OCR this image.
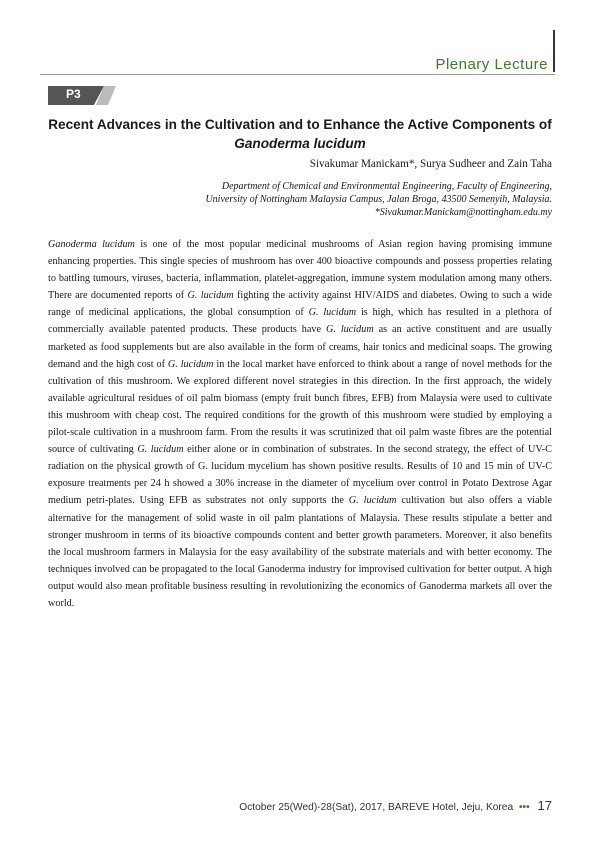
Plenary Lecture
P3
Recent Advances in the Cultivation and to Enhance the Active Components of
Ganoderma lucidum
Sivakumar Manickam*, Surya Sudheer and Zain Taha
Department of Chemical and Environmental Engineering, Faculty of Engineering,
University of Nottingham Malaysia Campus, Jalan Broga, 43500 Semenyih, Malaysia.
*Sivakumar.Manickam@nottingham.edu.my

Ganoderma lucidum is one of the most popular medicinal mushrooms of Asian region having promising immune enhancing properties. This single species of mushroom has over 400 bioactive compounds and possess properties relating to battling tumours, viruses, bacteria, inflammation, platelet-aggregation, immune system modulation among many others. There are documented reports of G. lucidum fighting the activity against HIV/AIDS and diabetes. Owing to such a wide range of medicinal applications, the global consumption of G. lucidum is high, which has resulted in a plethora of commercially available patented products. These products have G. lucidum as an active constituent and are usually marketed as food supplements but are also available in the form of creams, hair tonics and medicinal soaps. The growing demand and the high cost of G. lucidum in the local market have enforced to think about a range of novel methods for the cultivation of this mushroom. We explored different novel strategies in this direction. In the first approach, the widely available agricultural residues of oil palm biomass (empty fruit bunch fibres, EFB) from Malaysia were used to cultivate this mushroom with cheap cost. The required conditions for the growth of this mushroom were studied by employing a pilot-scale cultivation in a mushroom farm. From the results it was scrutinized that oil palm waste fibres are the potential source of cultivating G. lucidum either alone or in combination of substrates. In the second strategy, the effect of UV-C radiation on the physical growth of G. lucidum mycelium has shown positive results. Results of 10 and 15 min of UV-C exposure treatments per 24 h showed a 30% increase in the diameter of mycelium over control in Potato Dextrose Agar medium petri-plates. Using EFB as substrates not only supports the G. lucidum cultivation but also offers a viable alternative for the management of solid waste in oil palm plantations of Malaysia. These results stipulate a better and stronger mushroom in terms of its bioactive compounds content and better growth parameters. Moreover, it also benefits the local mushroom farmers in Malaysia for the easy availability of the substrate materials and with better economy. The techniques involved can be propagated to the local Ganoderma industry for improvised cultivation for better output. A high output would also mean profitable business resulting in revolutionizing the economics of Ganoderma markets all over the world.

October 25(Wed)-28(Sat), 2017, BAREVE Hotel, Jeju, Korea ••• 17
